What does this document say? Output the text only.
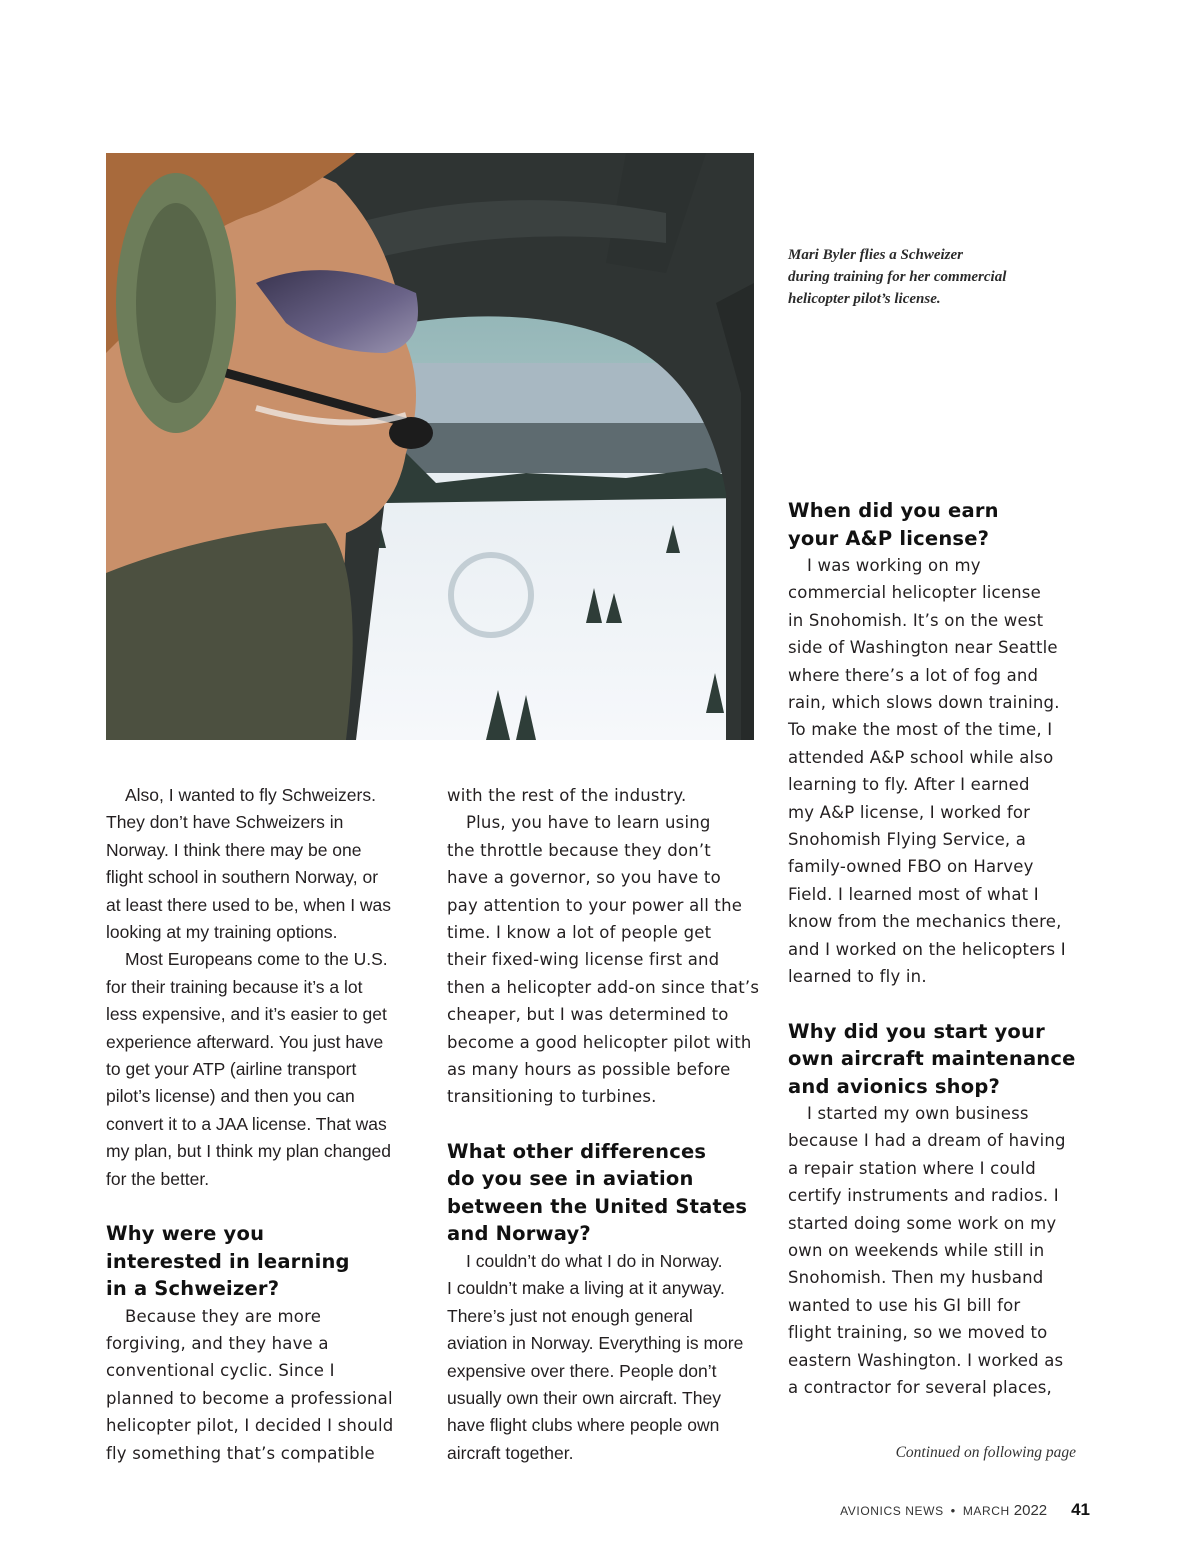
Mari Byler flies a Schweizer
during training for her commercial
helicopter pilot’s license.

Also, I wanted to fly Schweizers.
They don’t have Schweizers in
Norway. I think there may be one
flight school in southern Norway, or
at least there used to be, when I was
looking at my training options.

Most Europeans come to the U.S.
for their training because it’s a lot
less expensive, and it’s easier to get
experience afterward. You just have
to get your ATP (airline transport
pilot’s license) and then you can
convert it to a JAA license. That was
my plan, but I think my plan changed
for the better.

Why were you
interested in learning
in a Schweizer?

Because they are more
forgiving, and they have a
conventional cyclic. Since I
planned to become a professional
helicopter pilot, I decided I should
fly something that’s compatible

with the rest of the industry.

Plus, you have to learn using
the throttle because they don’t
have a governor, so you have to
pay attention to your power all the
time. I know a lot of people get
their fixed-wing license first and
then a helicopter add-on since that’s
cheaper, but I was determined to
become a good helicopter pilot with
as many hours as possible before
transitioning to turbines.

What other differences
do you see in aviation
between the United States
and Norway?

I couldn’t do what I do in Norway.
I couldn’t make a living at it anyway.
There’s just not enough general
aviation in Norway. Everything is more
expensive over there. People don’t
usually own their own aircraft. They
have flight clubs where people own
aircraft together.

When did you earn
your A&P license?

I was working on my
commercial helicopter license
in Snohomish. It’s on the west
side of Washington near Seattle
where there’s a lot of fog and
rain, which slows down training.
To make the most of the time, I
attended A&P school while also
learning to fly. After I earned
my A&P license, I worked for
Snohomish Flying Service, a
family-owned FBO on Harvey
Field. I learned most of what I
know from the mechanics there,
and I worked on the helicopters I
learned to fly in.

Why did you start your
own aircraft maintenance
and avionics shop?

I started my own business
because I had a dream of having
a repair station where I could
certify instruments and radios. I
started doing some work on my
own on weekends while still in
Snohomish. Then my husband
wanted to use his GI bill for
flight training, so we moved to
eastern Washington. I worked as
a contractor for several places,

Continued on following page
AVIONICS NEWS • MARCH 2022 41
